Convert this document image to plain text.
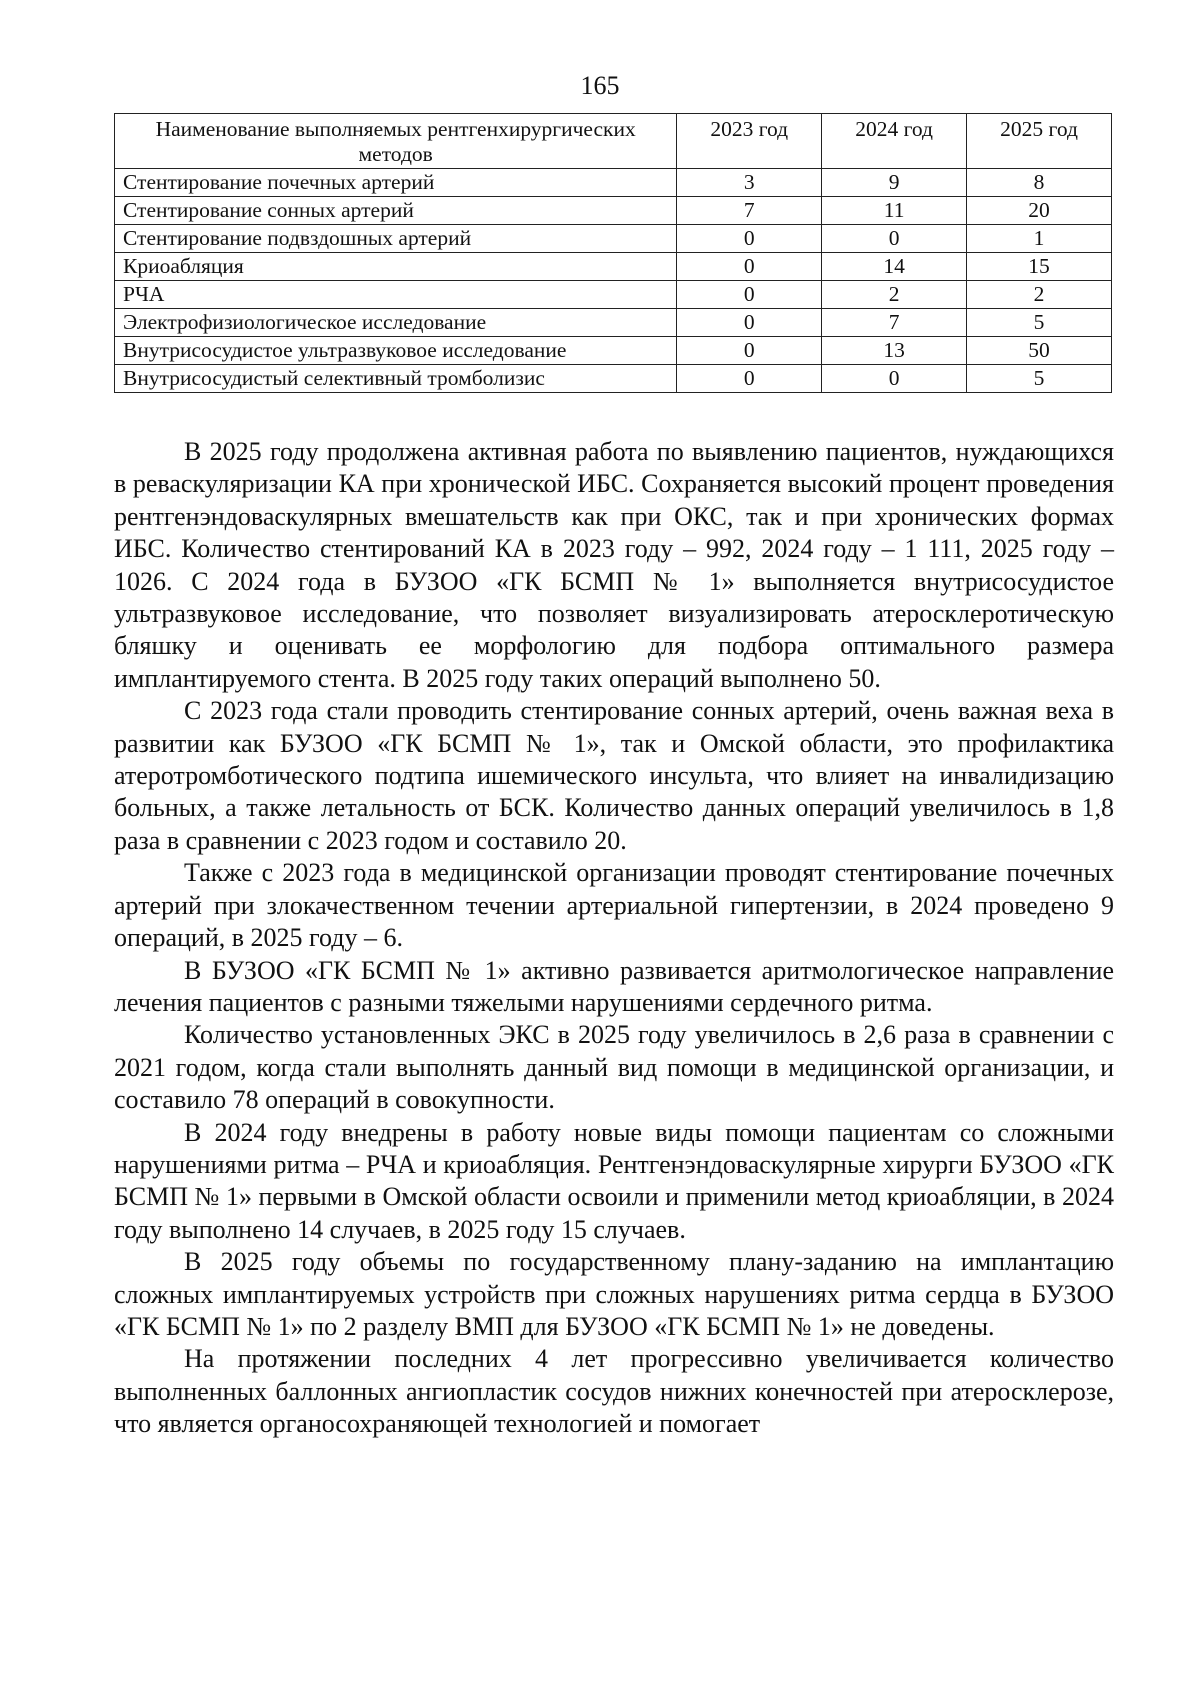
165
Наименование выполняемых рентгенхирургических методов	2023 год	2024 год	2025 год
Стентирование почечных артерий	3	9	8
Стентирование сонных артерий	7	11	20
Стентирование подвздошных артерий	0	0	1
Криоабляция	0	14	15
РЧА	0	2	2
Электрофизиологическое исследование	0	7	5
Внутрисосудистое ультразвуковое исследование	0	13	50
Внутрисосудистый селективный тромболизис	0	0	5

В 2025 году продолжена активная работа по выявлению пациентов, нуждающихся в реваскуляризации КА при хронической ИБС. Сохраняется высокий процент проведения рентгенэндоваскулярных вмешательств как при ОКС, так и при хронических формах ИБС. Количество стентирований КА в 2023 году – 992, 2024 году – 1 111, 2025 году – 1026. С 2024 года в БУЗОО «ГК БСМП № 1» выполняется внутрисосудистое ультразвуковое исследование, что позволяет визуализировать атеросклеротическую бляшку и оценивать ее морфологию для подбора оптимального размера имплантируемого стента. В 2025 году таких операций выполнено 50.

С 2023 года стали проводить стентирование сонных артерий, очень важная веха в развитии как БУЗОО «ГК БСМП № 1», так и Омской области, это профилактика атеротромботического подтипа ишемического инсульта, что влияет на инвалидизацию больных, а также летальность от БСК. Количество данных операций увеличилось в 1,8 раза в сравнении с 2023 годом и составило 20.

Также с 2023 года в медицинской организации проводят стентирование почечных артерий при злокачественном течении артериальной гипертензии, в 2024 проведено 9 операций, в 2025 году – 6.

В БУЗОО «ГК БСМП № 1» активно развивается аритмологическое направление лечения пациентов с разными тяжелыми нарушениями сердечного ритма.

Количество установленных ЭКС в 2025 году увеличилось в 2,6 раза в сравнении с 2021 годом, когда стали выполнять данный вид помощи в медицинской организации, и составило 78 операций в совокупности.

В 2024 году внедрены в работу новые виды помощи пациентам со сложными нарушениями ритма – РЧА и криоабляция. Рентгенэндоваскулярные хирурги БУЗОО «ГК БСМП № 1» первыми в Омской области освоили и применили метод криоабляции, в 2024 году выполнено 14 случаев, в 2025 году 15 случаев.

В 2025 году объемы по государственному плану-заданию на имплантацию сложных имплантируемых устройств при сложных нарушениях ритма сердца в БУЗОО «ГК БСМП № 1» по 2 разделу ВМП для БУЗОО «ГК БСМП № 1» не доведены.

На протяжении последних 4 лет прогрессивно увеличивается количество выполненных баллонных ангиопластик сосудов нижних конечностей при атеросклерозе, что является органосохраняющей технологией и помогает
